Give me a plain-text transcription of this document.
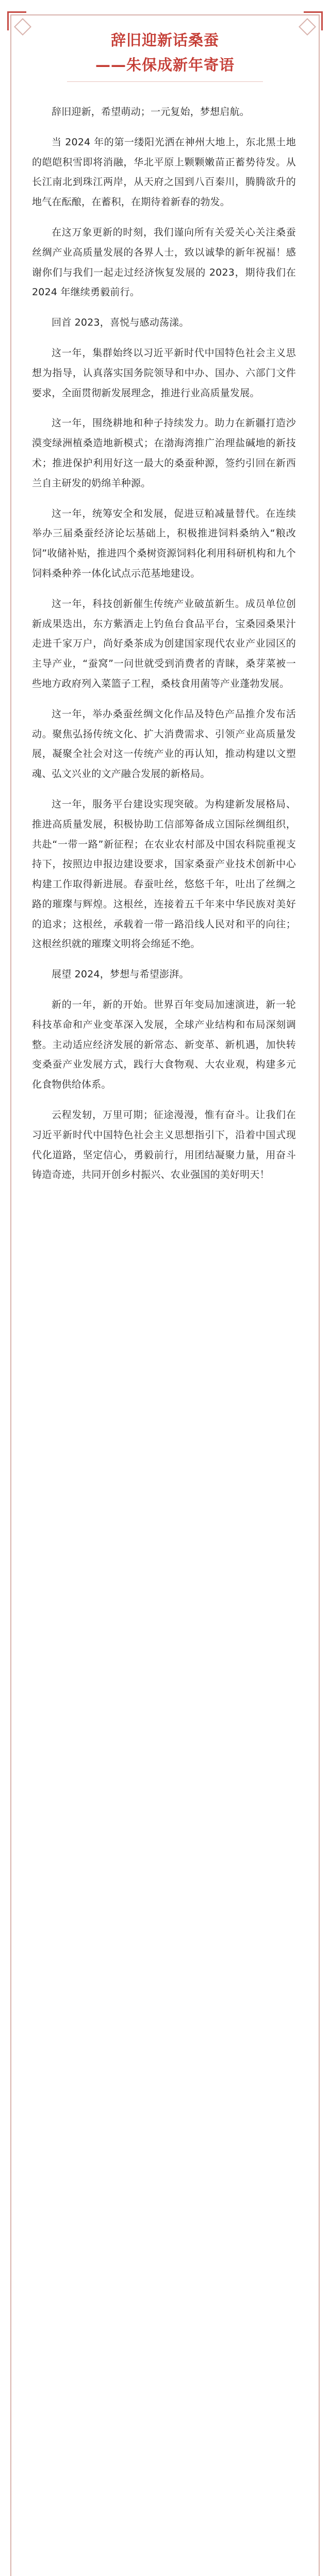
辞旧迎新话桑蚕
——朱保成新年寄语

辞旧迎新，希望萌动；一元复始，梦想启航。

当 2024 年的第一缕阳光洒在神州大地上，东北黑土地的皑皑积雪即将消融，华北平原上颗颗嫩苗正蓄势待发。从长江南北到珠江两岸，从天府之国到八百秦川，腾腾欲升的地气在酝酿，在蓄积，在期待着新春的勃发。

在这万象更新的时刻，我们谨向所有关爱关心关注桑蚕丝绸产业高质量发展的各界人士，致以诚挚的新年祝福！感谢你们与我们一起走过经济恢复发展的 2023，期待我们在 2024 年继续勇毅前行。

回首 2023，喜悦与感动荡漾。

这一年，集群始终以习近平新时代中国特色社会主义思想为指导，认真落实国务院领导和中办、国办、六部门文件要求，全面贯彻新发展理念，推进行业高质量发展。

这一年，围绕耕地和种子持续发力。助力在新疆打造沙漠变绿洲植桑造地新模式；在渤海湾推广治理盐碱地的新技术；推进保护利用好这一最大的桑蚕种源，签约引回在新西兰自主研发的奶绵羊种源。

这一年，统筹安全和发展，促进豆粕减量替代。在连续举办三届桑蚕经济论坛基础上，积极推进饲料桑纳入“粮改饲”收储补贴，推进四个桑树资源饲料化利用科研机构和九个饲料桑种养一体化试点示范基地建设。

这一年，科技创新催生传统产业破茧新生。成员单位创新成果迭出，东方紫酒走上钓鱼台食品平台，宝桑园桑果汁走进千家万户，尚好桑茶成为创建国家现代农业产业园区的主导产业，“蚕窝”一问世就受到消费者的青睐，桑芽菜被一些地方政府列入菜篮子工程，桑枝食用菌等产业蓬勃发展。

这一年，举办桑蚕丝绸文化作品及特色产品推介发布活动。聚焦弘扬传统文化、扩大消费需求、引领产业高质量发展，凝聚全社会对这一传统产业的再认知，推动构建以文塑魂、弘文兴业的文产融合发展的新格局。

这一年，服务平台建设实现突破。为构建新发展格局、推进高质量发展，积极协助工信部筹备成立国际丝绸组织，共赴“一带一路”新征程；在农业农村部及中国农科院重视支持下，按照边申报边建设要求，国家桑蚕产业技术创新中心构建工作取得新进展。春蚕吐丝，悠悠千年，吐出了丝绸之路的璀璨与辉煌。这根丝，连接着五千年来中华民族对美好的追求；这根丝，承载着一带一路沿线人民对和平的向往；这根丝织就的璀璨文明将会绵延不绝。

展望 2024，梦想与希望澎湃。

新的一年，新的开始。世界百年变局加速演进，新一轮科技革命和产业变革深入发展，全球产业结构和布局深刻调整。主动适应经济发展的新常态、新变革、新机遇，加快转变桑蚕产业发展方式，践行大食物观、大农业观，构建多元化食物供给体系。

云程发轫，万里可期；征途漫漫，惟有奋斗。让我们在习近平新时代中国特色社会主义思想指引下，沿着中国式现代化道路，坚定信心，勇毅前行，用团结凝聚力量，用奋斗铸造奇迹，共同开创乡村振兴、农业强国的美好明天！
